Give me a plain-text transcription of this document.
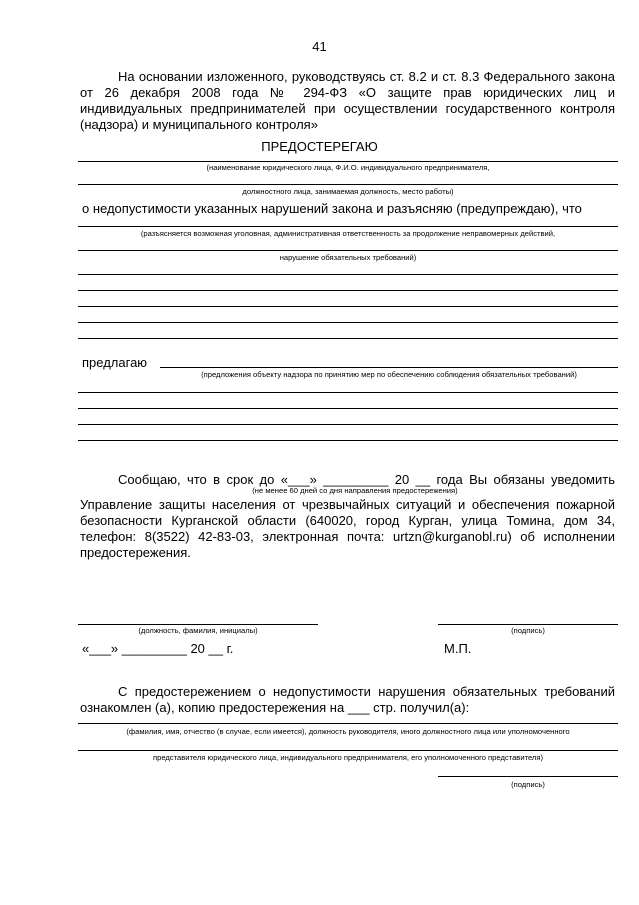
41
На основании изложенного, руководствуясь ст. 8.2 и ст. 8.3 Федерального закона
от 26 декабря 2008 года № 294-ФЗ «О защите прав юридических лиц и
индивидуальных предпринимателей при осуществлении государственного контроля
(надзора) и муниципального контроля»
ПРЕДОСТЕРЕГАЮ
(наименование юридического лица, Ф.И.О. индивидуального предпринимателя,
должностного лица, занимаемая должность, место работы)
о недопустимости указанных нарушений закона и разъясняю (предупреждаю), что
(разъясняется возможная уголовная, административная ответственность за продолжение неправомерных действий,
нарушение обязательных требований)
предлагаю
(предложения объекту надзора по принятию мер по обеспечению соблюдения обязательных требований)
Сообщаю, что в срок до «___» _________ 20 __ года Вы обязаны уведомить
(не менее 60 дней со дня направления предостережения)
Управление защиты населения от чрезвычайных ситуаций и обеспечения пожарной
безопасности Курганской области (640020, город Курган, улица Томина, дом 34,
телефон: 8(3522) 42-83-03, электронная почта: urtzn@kurganobl.ru) об исполнении
предостережения.
(должность, фамилия, инициалы)	(подпись)
«___» _________ 20 __ г.	М.П.
С предостережением о недопустимости нарушения обязательных требований
ознакомлен (а), копию предостережения на ___ стр. получил(а):
(фамилия, имя, отчество (в случае, если имеется), должность руководителя, иного должностного лица или уполномоченного
представителя юридического лица, индивидуального предпринимателя, его уполномоченного представителя)
(подпись)
